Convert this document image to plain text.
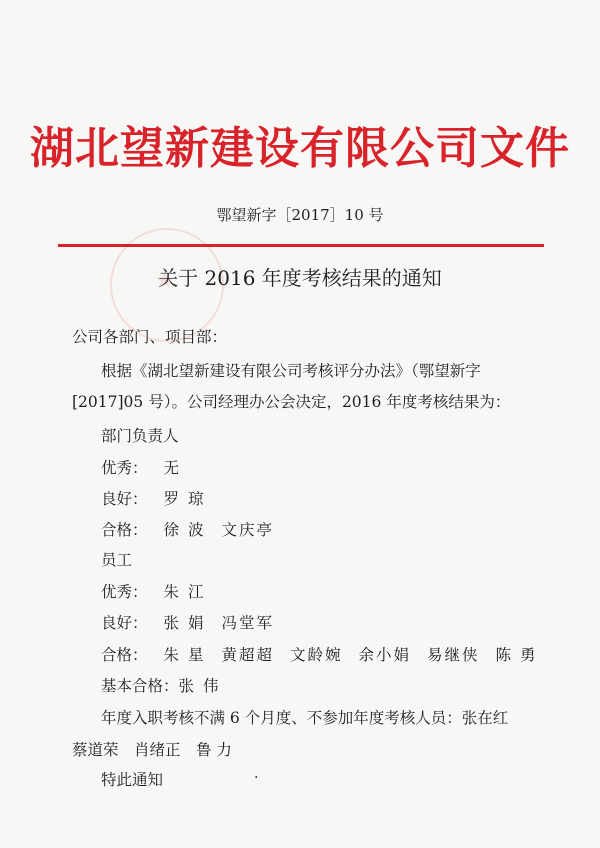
湖北望新建设有限公司文件
鄂望新字［2017］10 号
★
关于 2016 年度考核结果的通知
公司各部门、项目部：
根据《湖北望新建设有限公司考核评分办法》（鄂望新字
[2017]05 号）。公司经理办公会决定，2016 年度考核结果为：
部门负责人
优秀： 无
良好： 罗 琼
合格： 徐 波 文庆亭
员工
优秀： 朱 江
良好： 张 娟 冯堂军
合格： 朱 星 黄超超 文龄婉 余小娟 易继侠 陈 勇
基本合格：张 伟
年度入职考核不满 6 个月度、不参加年度考核人员：张在红
蔡道荣　肖绪正　鲁 力
特此通知	·
